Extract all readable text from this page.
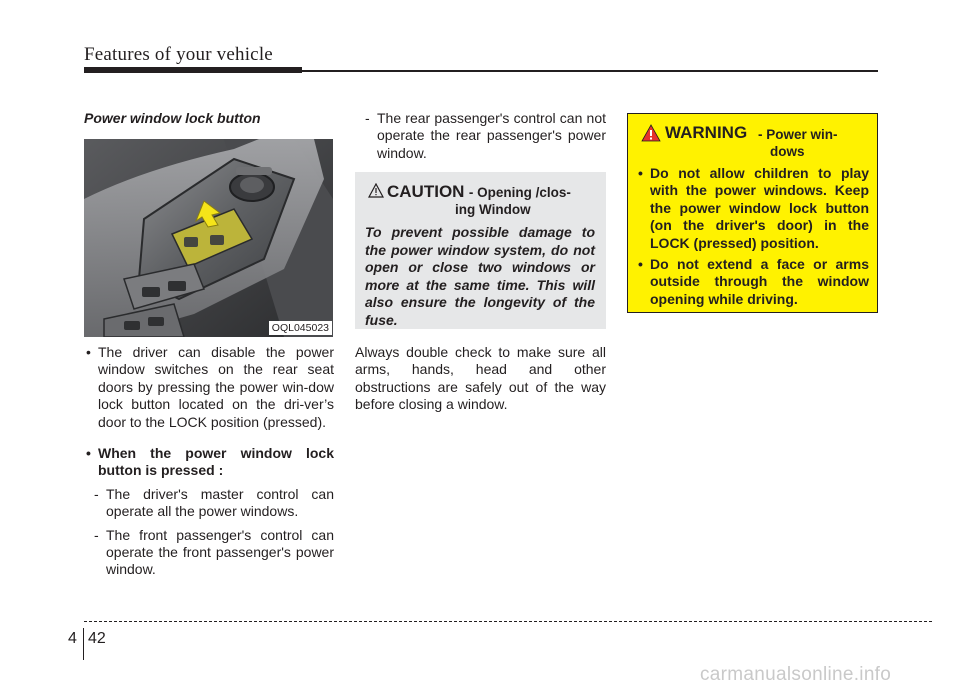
Features of your vehicle
Power window lock button
OQL045023
• The driver can disable the power window switches on the rear seat doors by pressing the power win-dow lock button located on the dri-ver’s door to the LOCK position (pressed).
• When the power window lock button is pressed :
- The driver's master control can operate all the power windows.
- The front passenger's control can operate the front passenger's power window.
- The rear passenger's control can not operate the rear passenger's power window.
CAUTION - Opening /clos-
ing Window
To prevent possible damage to the power window system, do not open or close two windows or more at the same time. This will also ensure the longevity of the fuse.
Always double check to make sure all arms, hands, head and other obstructions are safely out of the way before closing a window.
WARNING - Power win-
dows
• Do not allow children to play with the power windows. Keep the power window lock button (on the driver's door) in the LOCK (pressed) position.
• Do not extend a face or arms outside through the window opening while driving.
4 42
carmanualsonline.info
